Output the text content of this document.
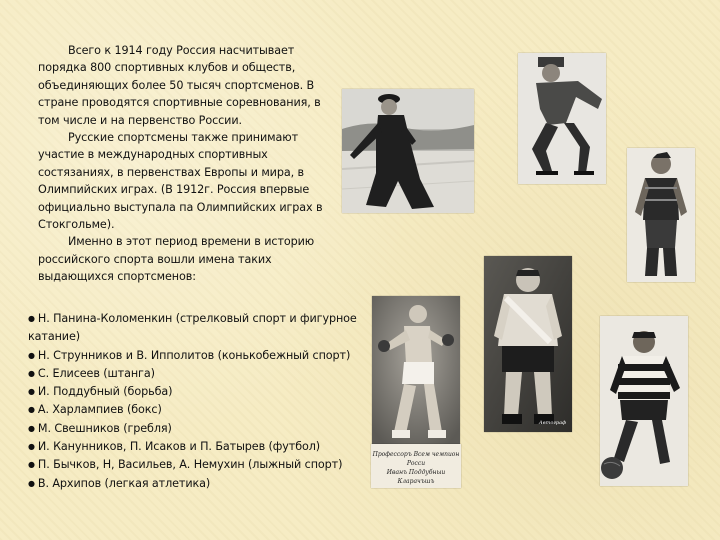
Всего к 1914 году Россия насчитывает порядка 800 спортивных клубов и обществ, объединяющих более 50 тысяч спортсменов. В стране проводятся спортивные соревнования, в том числе и на первенство России.

Русские спортсмены также принимают участие в международных спортивных состязаниях, в первенствах Европы и мира, в Олимпийских играх. (В 1912г. Россия впервые официально выступала па Олимпийских играх в Стокгольме).

Именно в этот период времени в историю российского спорта вошли имена таких выдающихся спортсменов:

● Н. Панина-Коломенкин (стрелковый спорт и фигурное катание)
● Н. Струнников и В. Ипполитов (конькобежный спорт)
● С. Елисеев (штанга)
● И. Поддубный (борьба)
● А. Харлампиев (бокс)
● М. Свешников (гребля)
● И. Канунников, П. Исаков и П. Батырев (футбол)
● П. Бычков, Н, Васильев, А. Немухин (лыжный спорт)
● В. Архипов (легкая атлетика)
Автограф
Профессоръ Всем чемпион Росси
Иванъ Поддубныи
Кларачъшъ
